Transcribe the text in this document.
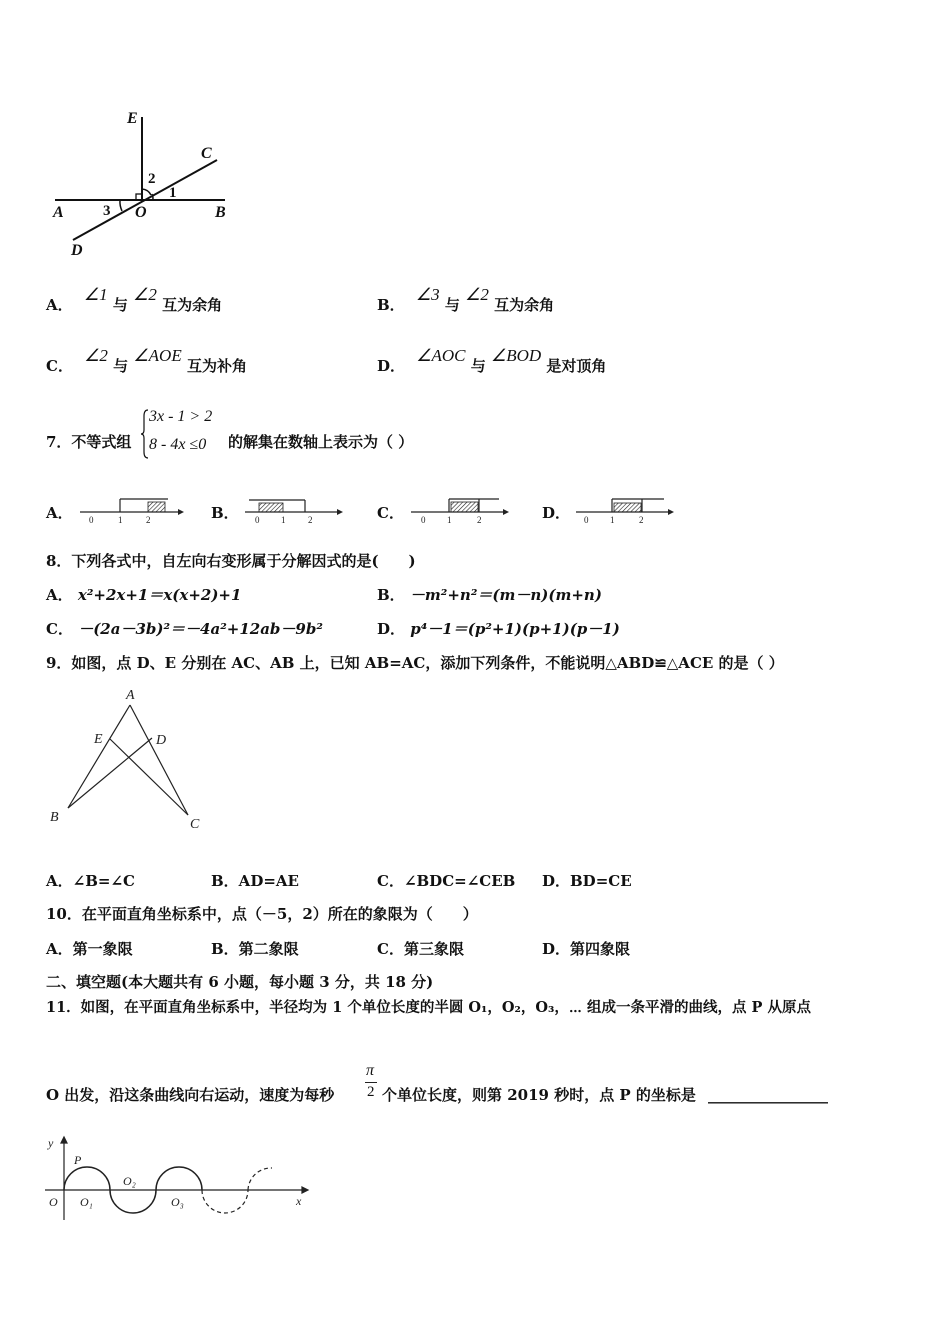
E
C
A	O	B
D
1
2
3
A． ∠1 与 ∠2 互为余角	B． ∠3 与 ∠2 互为余角
C． ∠2 与 ∠AOE 互为补角	D． ∠AOC 与 ∠BOD 是对顶角
7．不等式组
3x - 1 > 2
8 - 4x ≤0 的解集在数轴上表示为（ ）
A． 0	1	2	B． 0 1	2	C． 0 1	2	D． 0 1	2
8．下列各式中，自左向右变形属于分解因式的是(　　)
A． x²+2x+1＝x(x+2)+1	B． －m²+n²＝(m－n)(m+n)
C． －(2a－3b)²＝－4a²+12ab－9b²	D． p⁴－1＝(p²+1)(p+1)(p－1)
9．如图，点 D、E 分别在 AC、AB 上，已知 AB=AC，添加下列条件，不能说明△ABD≌△ACE 的是（ ）
A
E	D
B	C
A．∠B=∠C	B．AD=AE	C．∠BDC=∠CEB D．BD=CE
10．在平面直角坐标系中，点（－5，2）所在的象限为（　　）
A．第一象限	B．第二象限	C．第三象限	D．第四象限
二、填空题(本大题共有 6 小题，每小题 3 分，共 18 分)
11．如图，在平面直角坐标系中，半径均为 1 个单位长度的半圆 O₁，O₂，O₃，⋯ 组成一条平滑的曲线，点 P 从原点
O 出发，沿这条曲线向右运动，速度为每秒
π
2 个单位长度，则第 2019 秒时，点 P 的坐标是 ________________
y
x
P
O O₁
O₂
O₃
